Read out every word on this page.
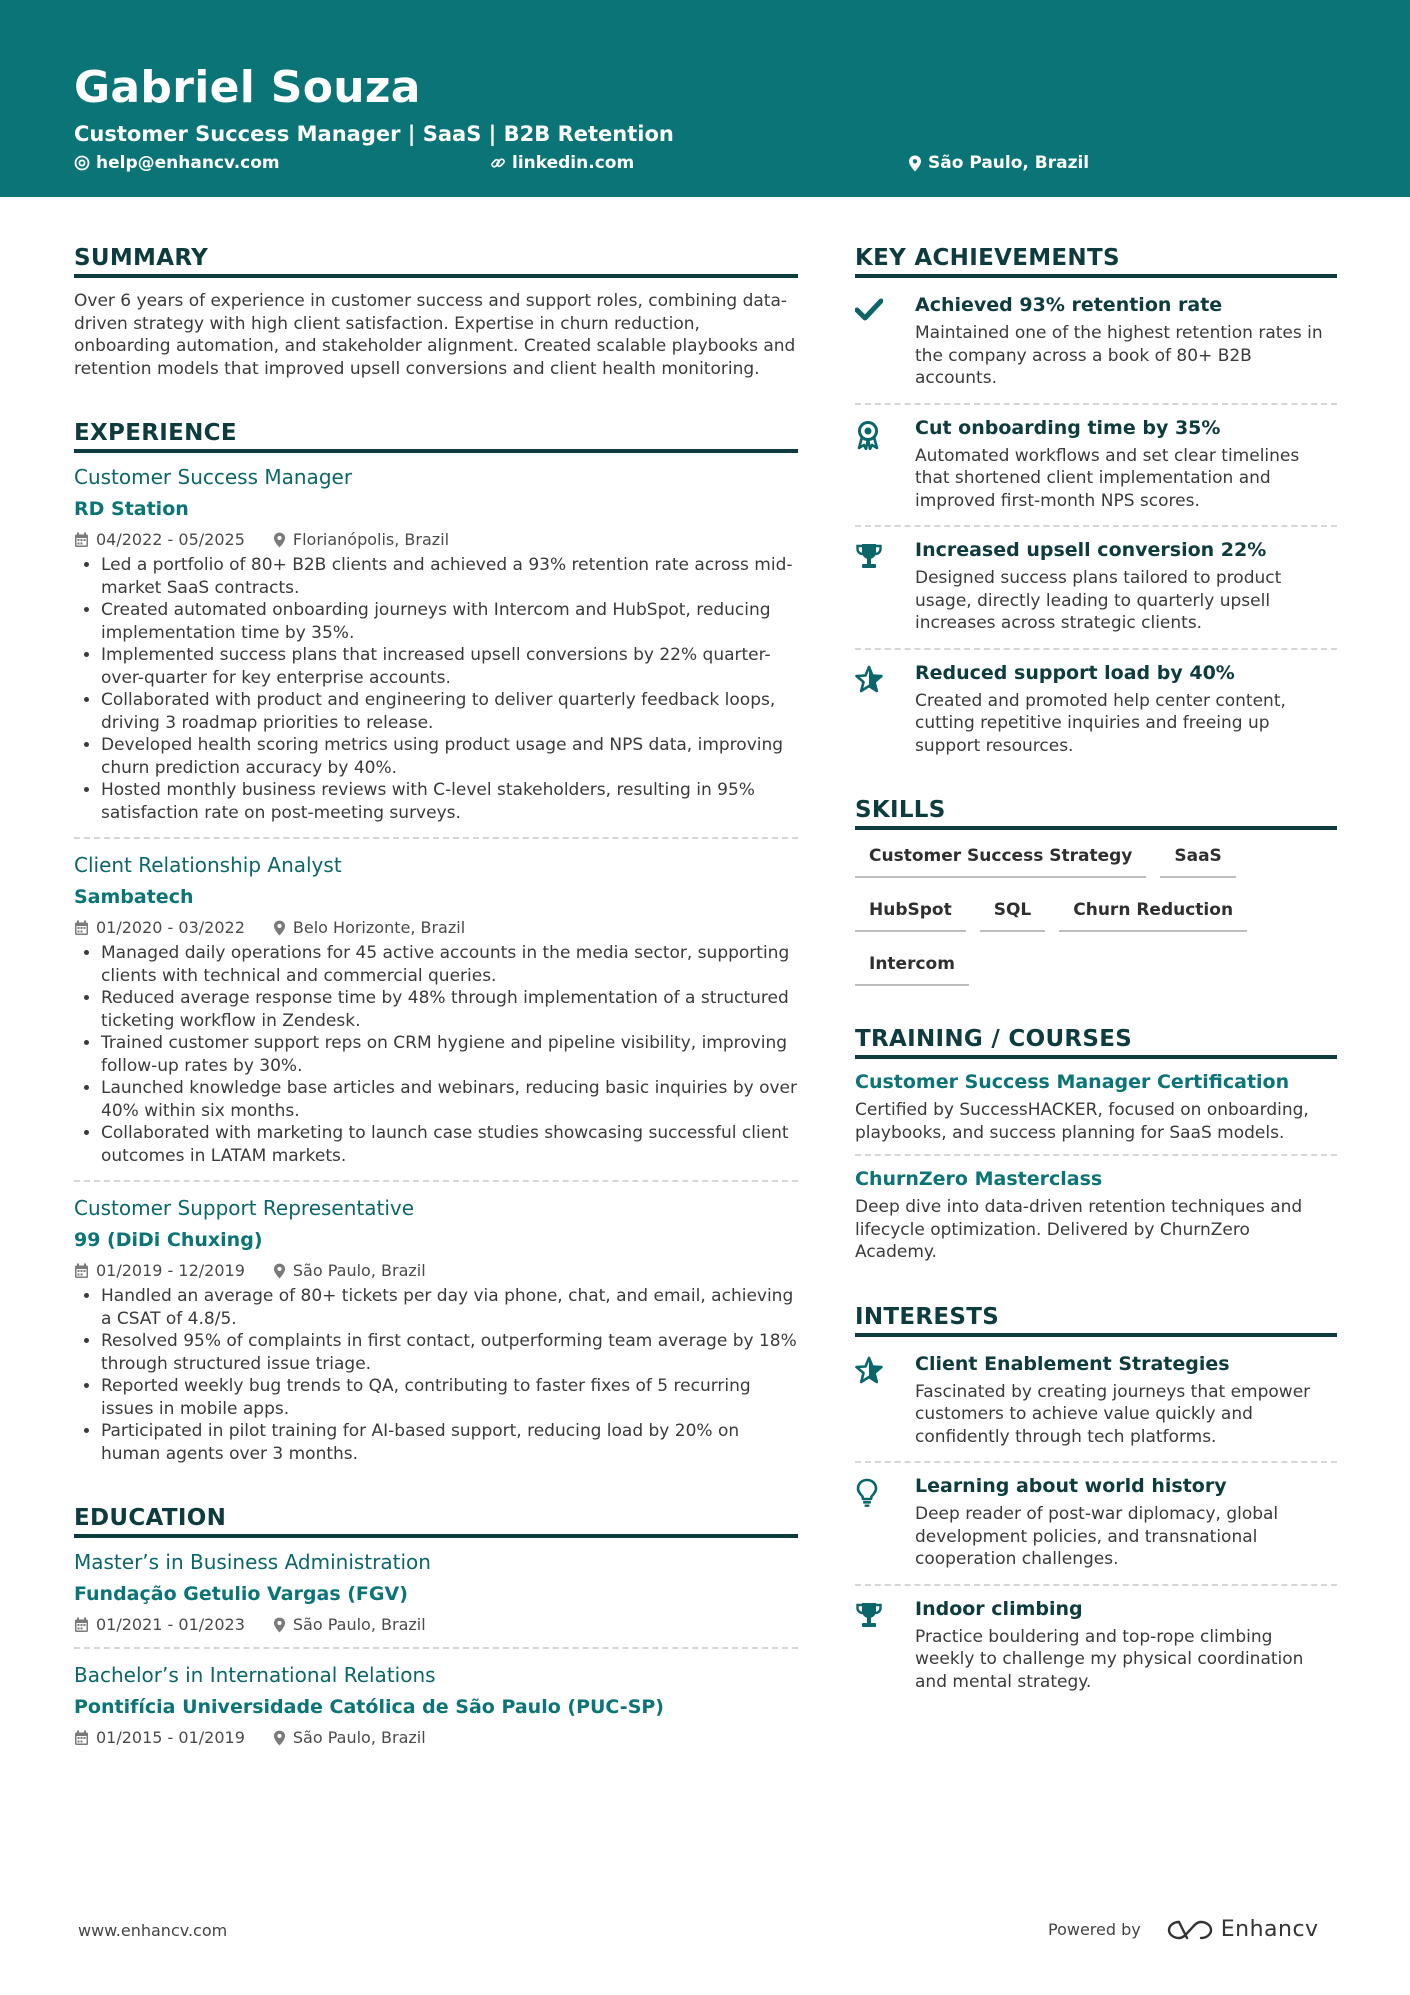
Gabriel Souza
Customer Success Manager | SaaS | B2B Retention
help@enhancv.com	linkedin.com	São Paulo, Brazil
SUMMARY
Over 6 years of experience in customer success and support roles, combining data-driven strategy with high client satisfaction. Expertise in churn reduction, onboarding automation, and stakeholder alignment. Created scalable playbooks and retention models that improved upsell conversions and client health monitoring.
EXPERIENCE
Customer Success Manager
RD Station
04/2022 - 05/2025	Florianópolis, Brazil
• Led a portfolio of 80+ B2B clients and achieved a 93% retention rate across mid-market SaaS contracts.
• Created automated onboarding journeys with Intercom and HubSpot, reducing implementation time by 35%.
• Implemented success plans that increased upsell conversions by 22% quarter-over-quarter for key enterprise accounts.
• Collaborated with product and engineering to deliver quarterly feedback loops, driving 3 roadmap priorities to release.
• Developed health scoring metrics using product usage and NPS data, improving churn prediction accuracy by 40%.
• Hosted monthly business reviews with C-level stakeholders, resulting in 95% satisfaction rate on post-meeting surveys.
Client Relationship Analyst
Sambatech
01/2020 - 03/2022	Belo Horizonte, Brazil
• Managed daily operations for 45 active accounts in the media sector, supporting clients with technical and commercial queries.
• Reduced average response time by 48% through implementation of a structured ticketing workflow in Zendesk.
• Trained customer support reps on CRM hygiene and pipeline visibility, improving follow-up rates by 30%.
• Launched knowledge base articles and webinars, reducing basic inquiries by over 40% within six months.
• Collaborated with marketing to launch case studies showcasing successful client outcomes in LATAM markets.
Customer Support Representative
99 (DiDi Chuxing)
01/2019 - 12/2019	São Paulo, Brazil
• Handled an average of 80+ tickets per day via phone, chat, and email, achieving a CSAT of 4.8/5.
• Resolved 95% of complaints in first contact, outperforming team average by 18% through structured issue triage.
• Reported weekly bug trends to QA, contributing to faster fixes of 5 recurring issues in mobile apps.
• Participated in pilot training for AI-based support, reducing load by 20% on human agents over 3 months.
EDUCATION
Master’s in Business Administration
Fundação Getulio Vargas (FGV)
01/2021 - 01/2023	São Paulo, Brazil
Bachelor’s in International Relations
Pontifícia Universidade Católica de São Paulo (PUC-SP)
01/2015 - 01/2019	São Paulo, Brazil
KEY ACHIEVEMENTS
Achieved 93% retention rate
Maintained one of the highest retention rates in the company across a book of 80+ B2B accounts.
Cut onboarding time by 35%
Automated workflows and set clear timelines that shortened client implementation and improved first-month NPS scores.
Increased upsell conversion 22%
Designed success plans tailored to product usage, directly leading to quarterly upsell increases across strategic clients.
Reduced support load by 40%
Created and promoted help center content, cutting repetitive inquiries and freeing up support resources.
SKILLS
Customer Success Strategy	SaaS
HubSpot	SQL	Churn Reduction
Intercom
TRAINING / COURSES
Customer Success Manager Certification
Certified by SuccessHACKER, focused on onboarding, playbooks, and success planning for SaaS models.
ChurnZero Masterclass
Deep dive into data-driven retention techniques and lifecycle optimization. Delivered by ChurnZero Academy.
INTERESTS
Client Enablement Strategies
Fascinated by creating journeys that empower customers to achieve value quickly and confidently through tech platforms.
Learning about world history
Deep reader of post-war diplomacy, global development policies, and transnational cooperation challenges.
Indoor climbing
Practice bouldering and top-rope climbing weekly to challenge my physical coordination and mental strategy.
www.enhancv.com	Powered by	Enhancv
